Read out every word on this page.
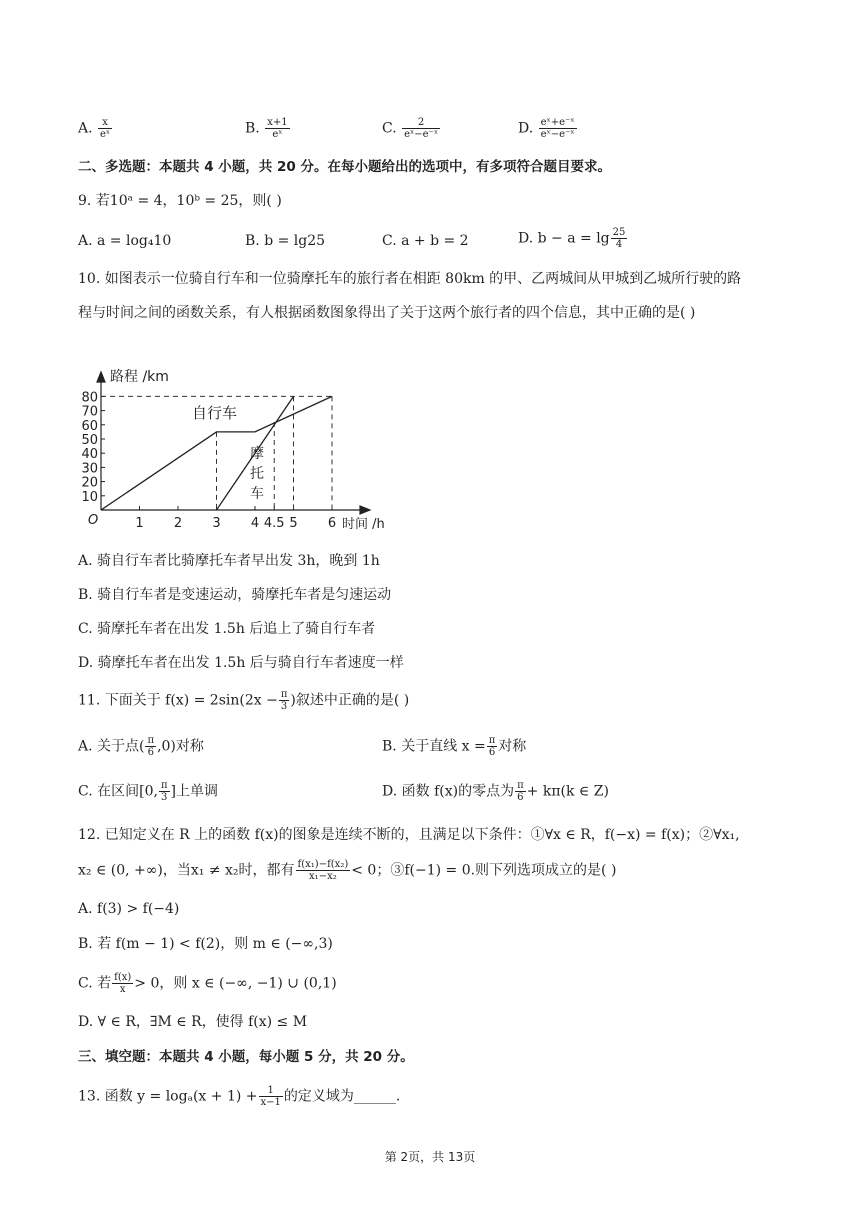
A. $\frac{x}{\text{eˣ}}$	B. $\frac{x+1}{\text{eˣ}}$	C. $\frac{2}{\text{eˣ−e⁻ˣ}}$	D. $\frac{\text{eˣ+e⁻ˣ}}{\text{eˣ−e⁻ˣ}}$
二、多选题：本题共 4 小题，共 20 分。在每小题给出的选项中，有多项符合题目要求。
9. 若10ᵃ = 4，10ᵇ = 25，则( )
A. a = log₄10	B. b = lg25	C. a + b = 2	D. $b - a = \lg \frac{25}{4}$
10. 如图表示一位骑自行车和一位骑摩托车的旅行者在相距 80km 的甲、乙两城间从甲城到乙城所行驶的路
程与时间之间的函数关系，有人根据函数图象得出了关于这两个旅行者的四个信息，其中正确的是( )
10
20
30
40
50
60
70
80
1 2 3 4 4.5 5 6
路程 /km
时间 /h
O
自行车
摩
托
车
A. 骑自行车者比骑摩托车者早出发 3h，晚到 1h
B. 骑自行车者是变速运动，骑摩托车者是匀速运动
C. 骑摩托车者在出发 1.5h 后追上了骑自行车者
D. 骑摩托车者在出发 1.5h 后与骑自行车者速度一样
11. 下面关于 $f(x) = 2\sin(2x - \frac{\pi}{3}$ )叙述中正确的是( )
A. 关于点( $\frac{\pi}{6} ,0$)对称	B. 关于直线 $x = \frac{\pi}{6}$ 对称
C. 在区间[0, $\frac{\pi}{3}$ ]上单调	D. 函数 f(x)的零点为 $\frac{\pi}{6} + k\pi(k$ ∈ Z)
12. 已知定义在 R 上的函数 f(x)的图象是连续不断的，且满足以下条件：①∀x ∈ R，f(−x) = f(x)；②∀x₁,
x₂ ∈ (0, +∞)，当x₁ ≠ x₂时，都有 $\frac{\text{f(x₁)−f(x₂)}}{\text{x₁−x₂}} < 0$；③f(−1) = 0.则下列选项成立的是( )
A. f(3) > f(−4)
B. 若 f(m − 1) < f(2)，则 m ∈ (−∞,3)
C. 若 $\frac{f(x)}{x} > 0$，则 x ∈ (−∞, −1) ∪ (0,1)
D. ∀ ∈ R，∃M ∈ R，使得 f(x) ≤ M
三、填空题：本题共 4 小题，每小题 5 分，共 20 分。
13. 函数 $y = \log_a(x + 1) + \frac{1}{x-1}$ 的定义域为______.
第 2页，共 13页
